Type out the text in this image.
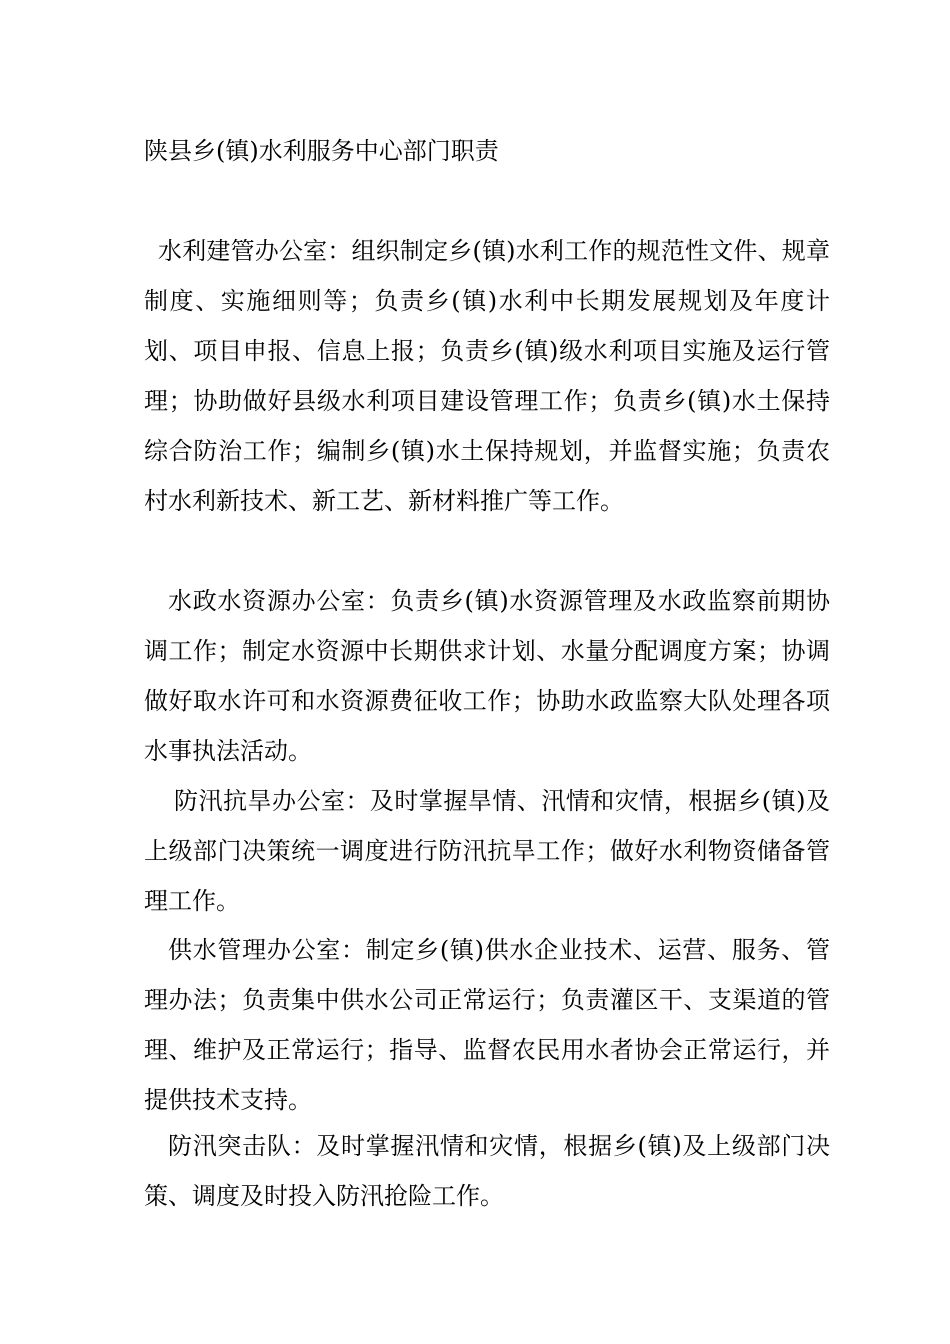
陕县乡(镇)水利服务中心部门职责

水利建管办公室：组织制定乡(镇)水利工作的规范性文件、规章制度、实施细则等；负责乡(镇)水利中长期发展规划及年度计划、项目申报、信息上报；负责乡(镇)级水利项目实施及运行管理；协助做好县级水利项目建设管理工作；负责乡(镇)水土保持综合防治工作；编制乡(镇)水土保持规划，并监督实施；负责农村水利新技术、新工艺、新材料推广等工作。

水政水资源办公室：负责乡(镇)水资源管理及水政监察前期协调工作；制定水资源中长期供求计划、水量分配调度方案；协调做好取水许可和水资源费征收工作；协助水政监察大队处理各项水事执法活动。

防汛抗旱办公室：及时掌握旱情、汛情和灾情，根据乡(镇)及上级部门决策统一调度进行防汛抗旱工作；做好水利物资储备管理工作。

供水管理办公室：制定乡(镇)供水企业技术、运营、服务、管理办法；负责集中供水公司正常运行；负责灌区干、支渠道的管理、维护及正常运行；指导、监督农民用水者协会正常运行，并提供技术支持。

防汛突击队：及时掌握汛情和灾情，根据乡(镇)及上级部门决策、调度及时投入防汛抢险工作。
